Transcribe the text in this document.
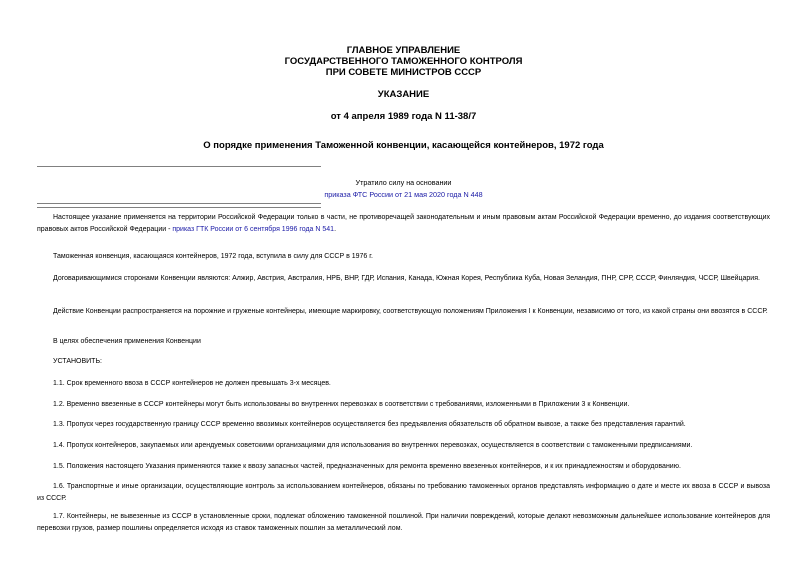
ГЛАВНОЕ УПРАВЛЕНИЕ
ГОСУДАРСТВЕННОГО ТАМОЖЕННОГО КОНТРОЛЯ
ПРИ СОВЕТЕ МИНИСТРОВ СССР
УКАЗАНИЕ
от 4 апреля 1989 года N 11-38/7
О порядке применения Таможенной конвенции, касающейся контейнеров, 1972 года
Утратило силу на основании
приказа ФТС России от 21 мая 2020 года N 448
Настоящее указание применяется на территории Российской Федерации только в части, не противоречащей законодательным и иным правовым актам Российской Федерации временно, до издания соответствующих правовых актов Российской Федерации - приказ ГТК России от 6 сентября 1996 года N 541.
Таможенная конвенция, касающаяся контейнеров, 1972 года, вступила в силу для СССР в 1976 г.
Договаривающимися сторонами Конвенции являются: Алжир, Австрия, Австралия, НРБ, ВНР, ГДР, Испания, Канада, Южная Корея, Республика Куба, Новая Зеландия, ПНР, СРР, СССР, Финляндия, ЧССР, Швейцария.
Действие Конвенции распространяется на порожние и груженые контейнеры, имеющие маркировку, соответствующую положениям Приложения I к Конвенции, независимо от того, из какой страны они ввозятся в СССР.
В целях обеспечения применения Конвенции
УСТАНОВИТЬ:
1.1. Срок временного ввоза в СССР контейнеров не должен превышать 3-х месяцев.
1.2. Временно ввезенные в СССР контейнеры могут быть использованы во внутренних перевозках в соответствии с требованиями, изложенными в Приложении 3 к Конвенции.
1.3. Пропуск через государственную границу СССР временно ввозимых контейнеров осуществляется без предъявления обязательств об обратном вывозе, а также без представления гарантий.
1.4. Пропуск контейнеров, закупаемых или арендуемых советскими организациями для использования во внутренних перевозках, осуществляется в соответствии с таможенными предписаниями.
1.5. Положения настоящего Указания применяются также к ввозу запасных частей, предназначенных для ремонта временно ввезенных контейнеров, и к их принадлежностям и оборудованию.
1.6. Транспортные и иные организации, осуществляющие контроль за использованием контейнеров, обязаны по требованию таможенных органов представлять информацию о дате и месте их ввоза в СССР и вывоза из СССР.
1.7. Контейнеры, не вывезенные из СССР в установленные сроки, подлежат обложению таможенной пошлиной. При наличии повреждений, которые делают невозможным дальнейшее использование контейнеров для перевозки грузов, размер пошлины определяется исходя из ставок таможенных пошлин за металлический лом.
